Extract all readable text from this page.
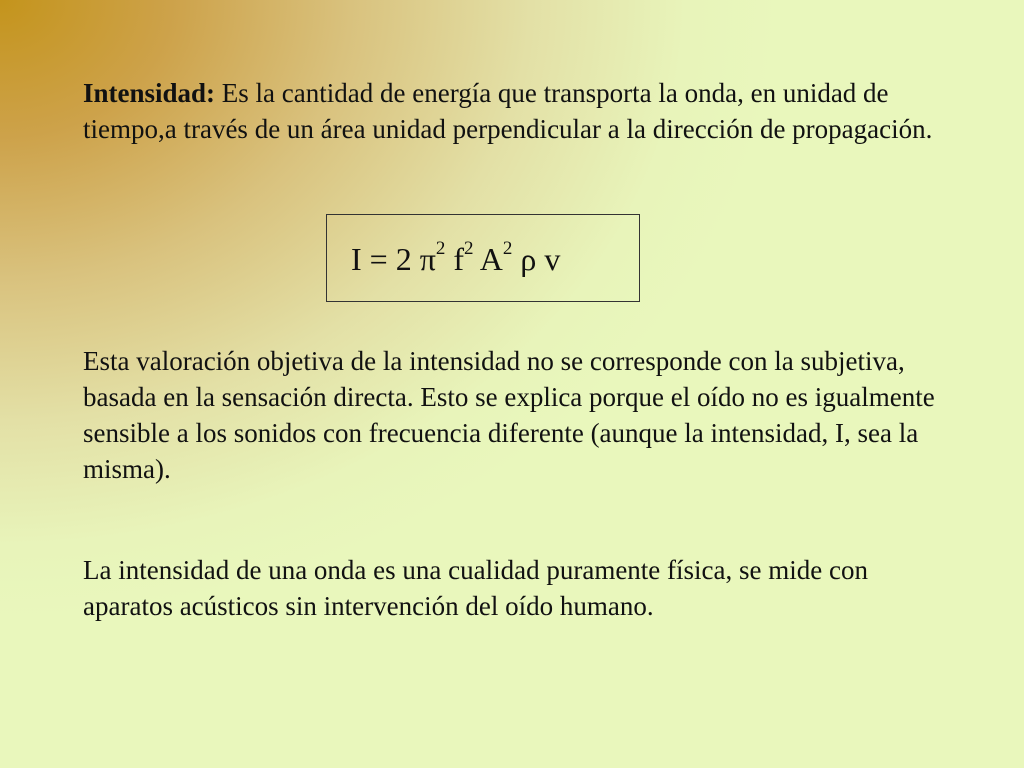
Intensidad: Es la cantidad de energía que transporta la onda, en unidad de tiempo,a través de un área unidad perpendicular a la dirección de propagación.

I = 2 $\pi^2$ $f^2$ $A^2$ ρ v

Esta valoración objetiva de la intensidad no se corresponde con la subjetiva, basada en la sensación directa. Esto se explica porque el oído no es igualmente sensible a los sonidos con frecuencia diferente (aunque la intensidad, I, sea la misma).

La intensidad de una onda es una cualidad puramente física, se mide con aparatos acústicos sin intervención del oído humano.
